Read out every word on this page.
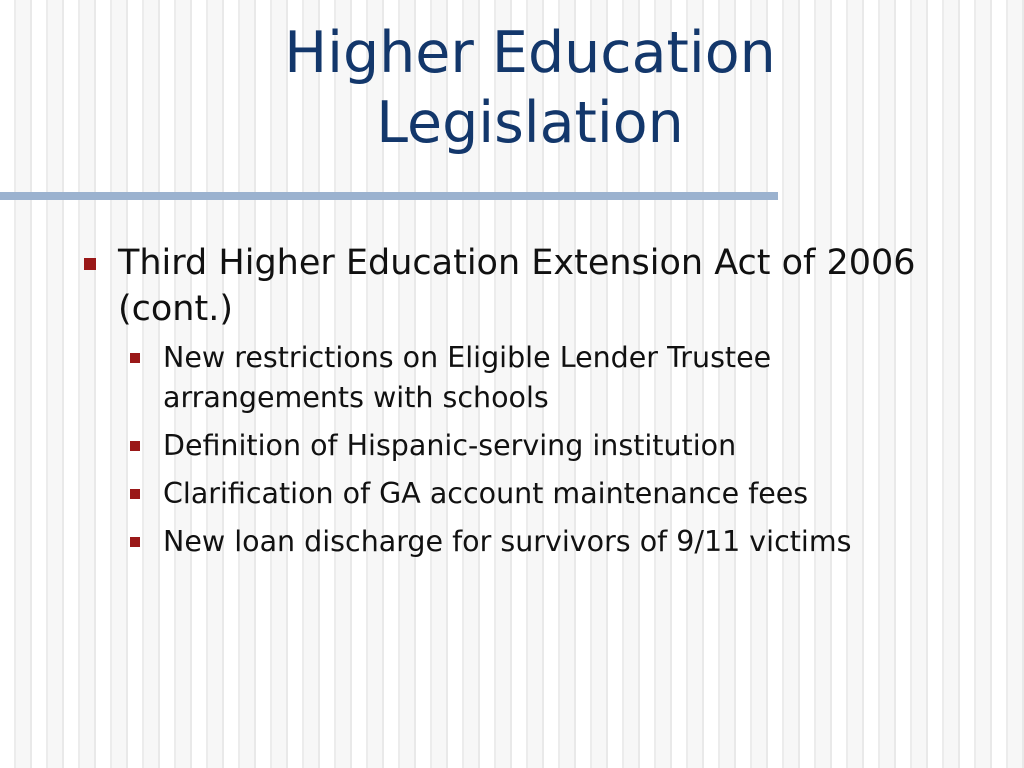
Higher Education
Legislation
Third Higher Education Extension Act of 2006 (cont.)
New restrictions on Eligible Lender Trustee arrangements with schools
Definition of Hispanic-serving institution
Clarification of GA account maintenance fees
New loan discharge for survivors of 9/11 victims
